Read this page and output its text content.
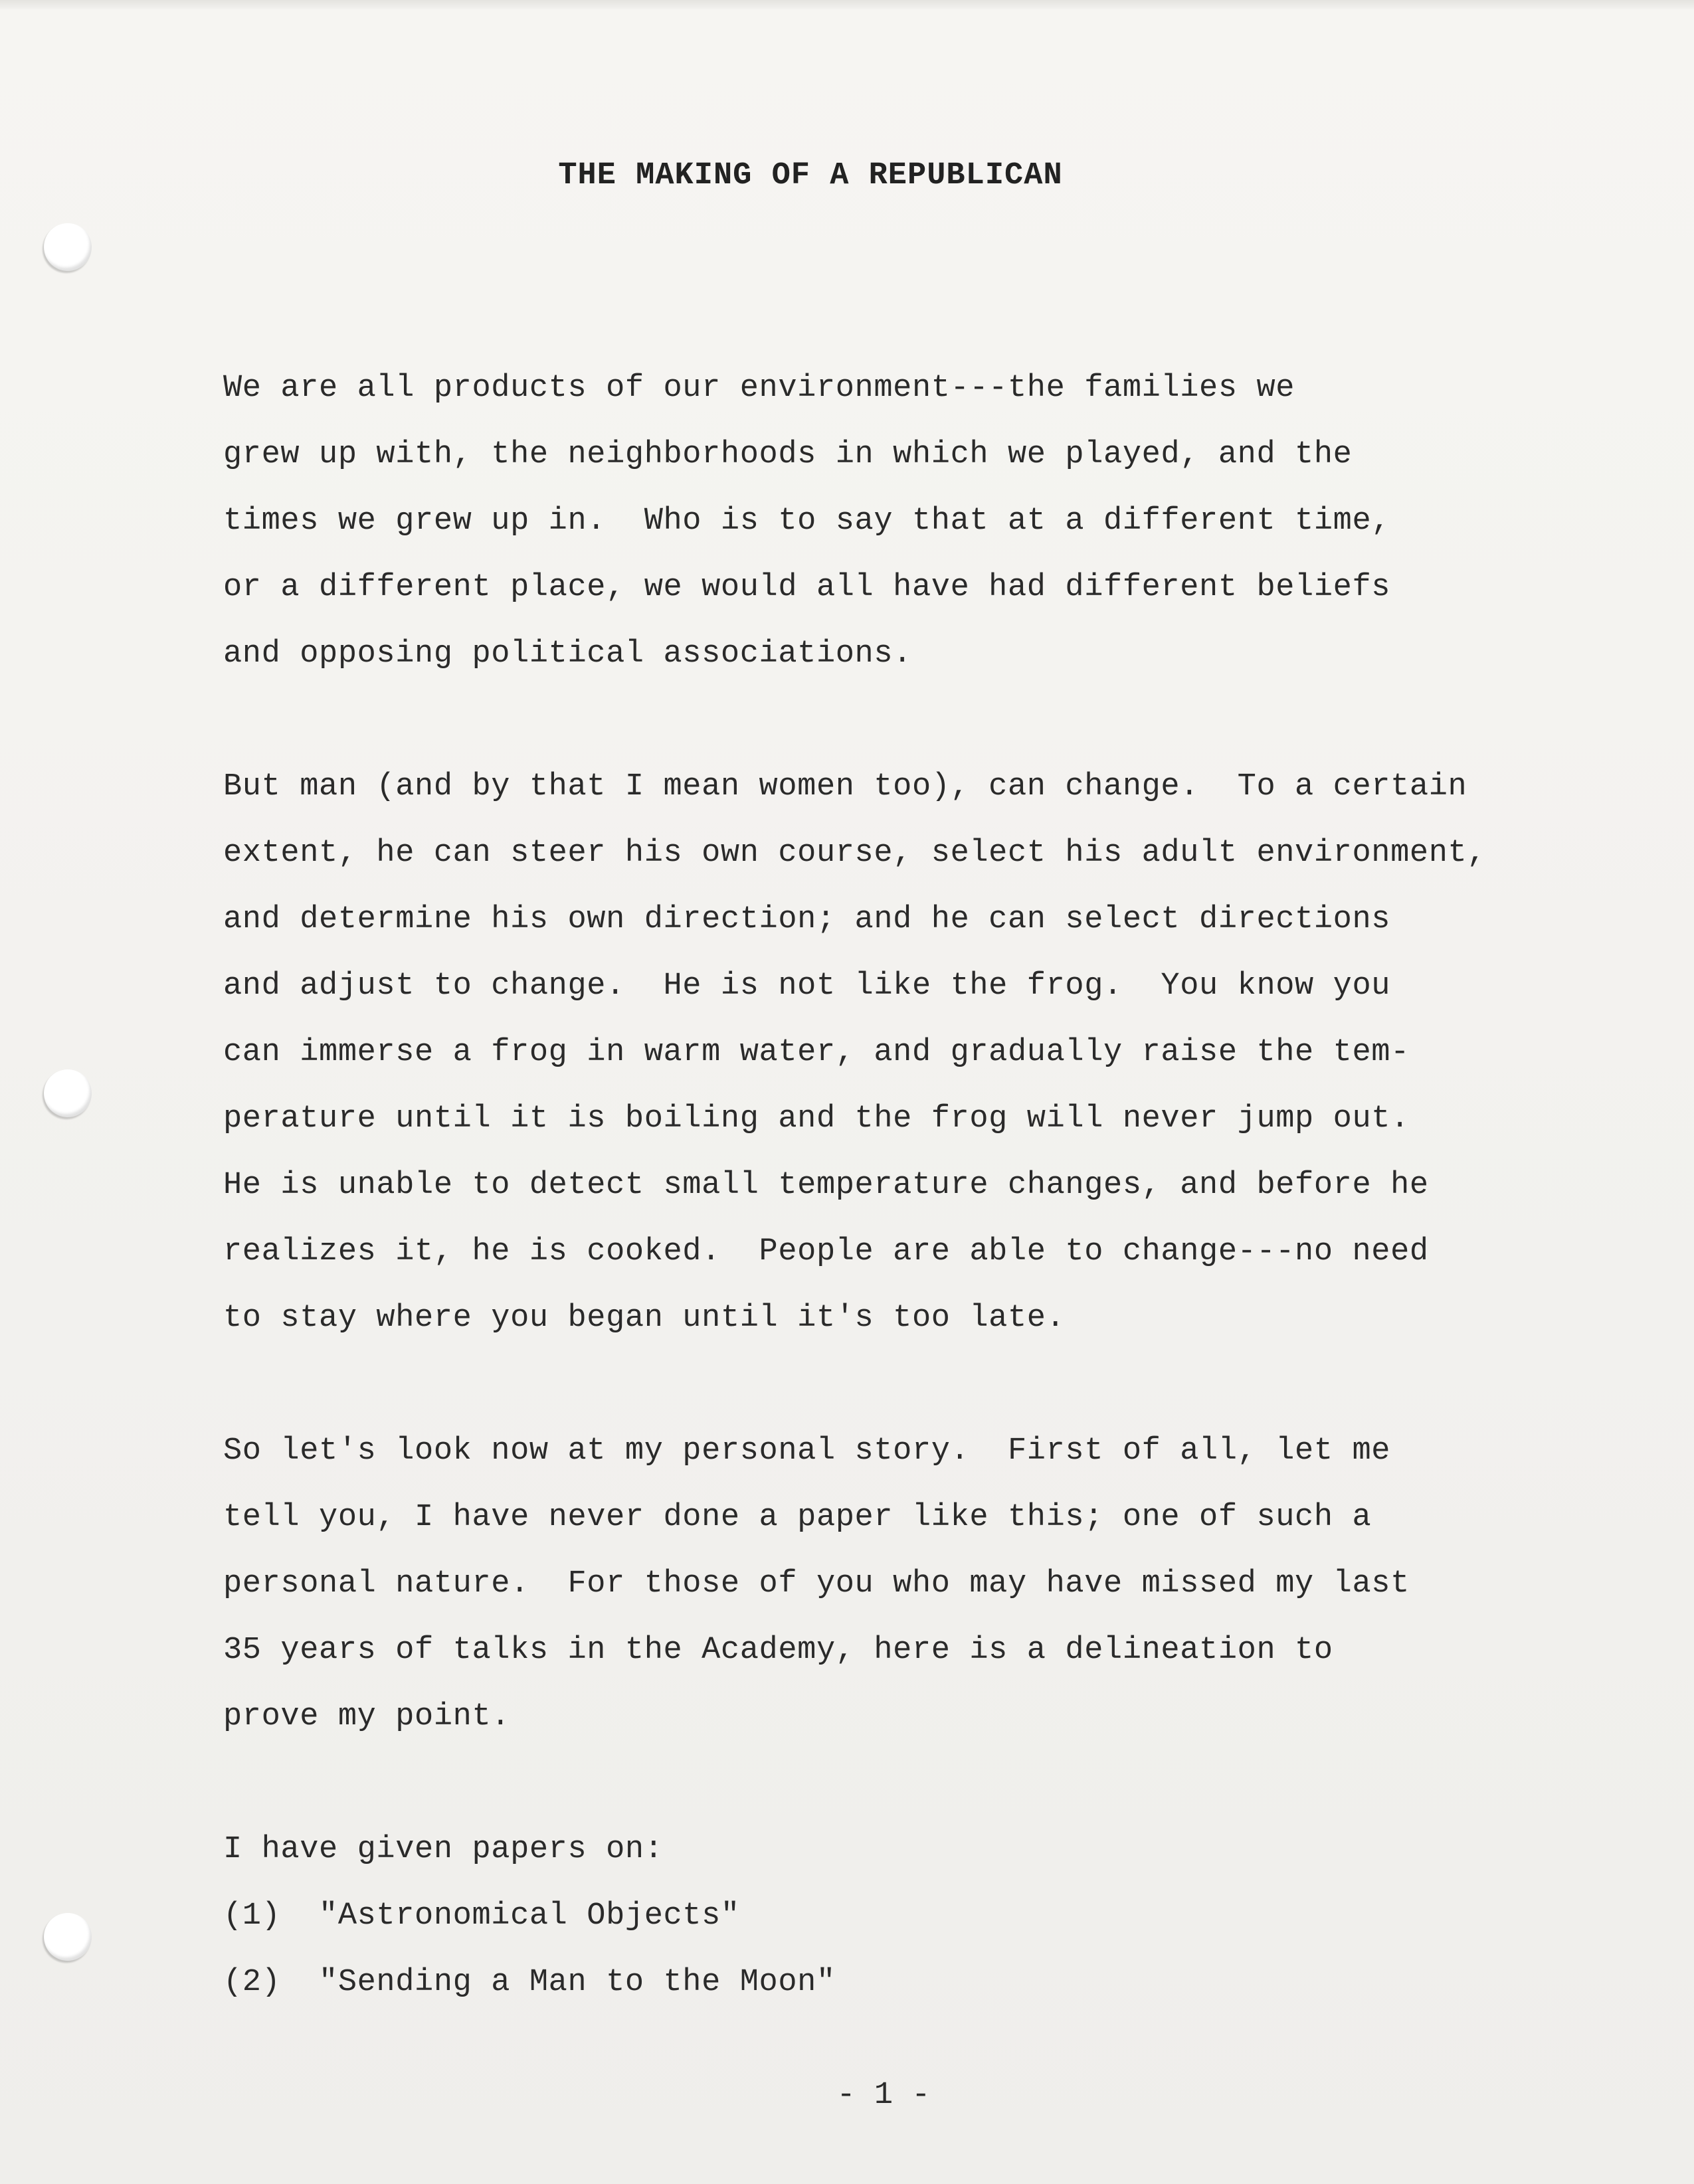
THE MAKING OF A REPUBLICAN
We are all products of our environment---the families we
grew up with, the neighborhoods in which we played, and the
times we grew up in.  Who is to say that at a different time,
or a different place, we would all have had different beliefs
and opposing political associations.
But man (and by that I mean women too), can change.  To a certain
extent, he can steer his own course, select his adult environment,
and determine his own direction; and he can select directions
and adjust to change.  He is not like the frog.  You know you
can immerse a frog in warm water, and gradually raise the tem-
perature until it is boiling and the frog will never jump out.
He is unable to detect small temperature changes, and before he
realizes it, he is cooked.  People are able to change---no need
to stay where you began until it's too late.
So let's look now at my personal story.  First of all, let me
tell you, I have never done a paper like this; one of such a
personal nature.  For those of you who may have missed my last
35 years of talks in the Academy, here is a delineation to
prove my point.
I have given papers on:
(1)  "Astronomical Objects"
(2)  "Sending a Man to the Moon"
- 1 -
